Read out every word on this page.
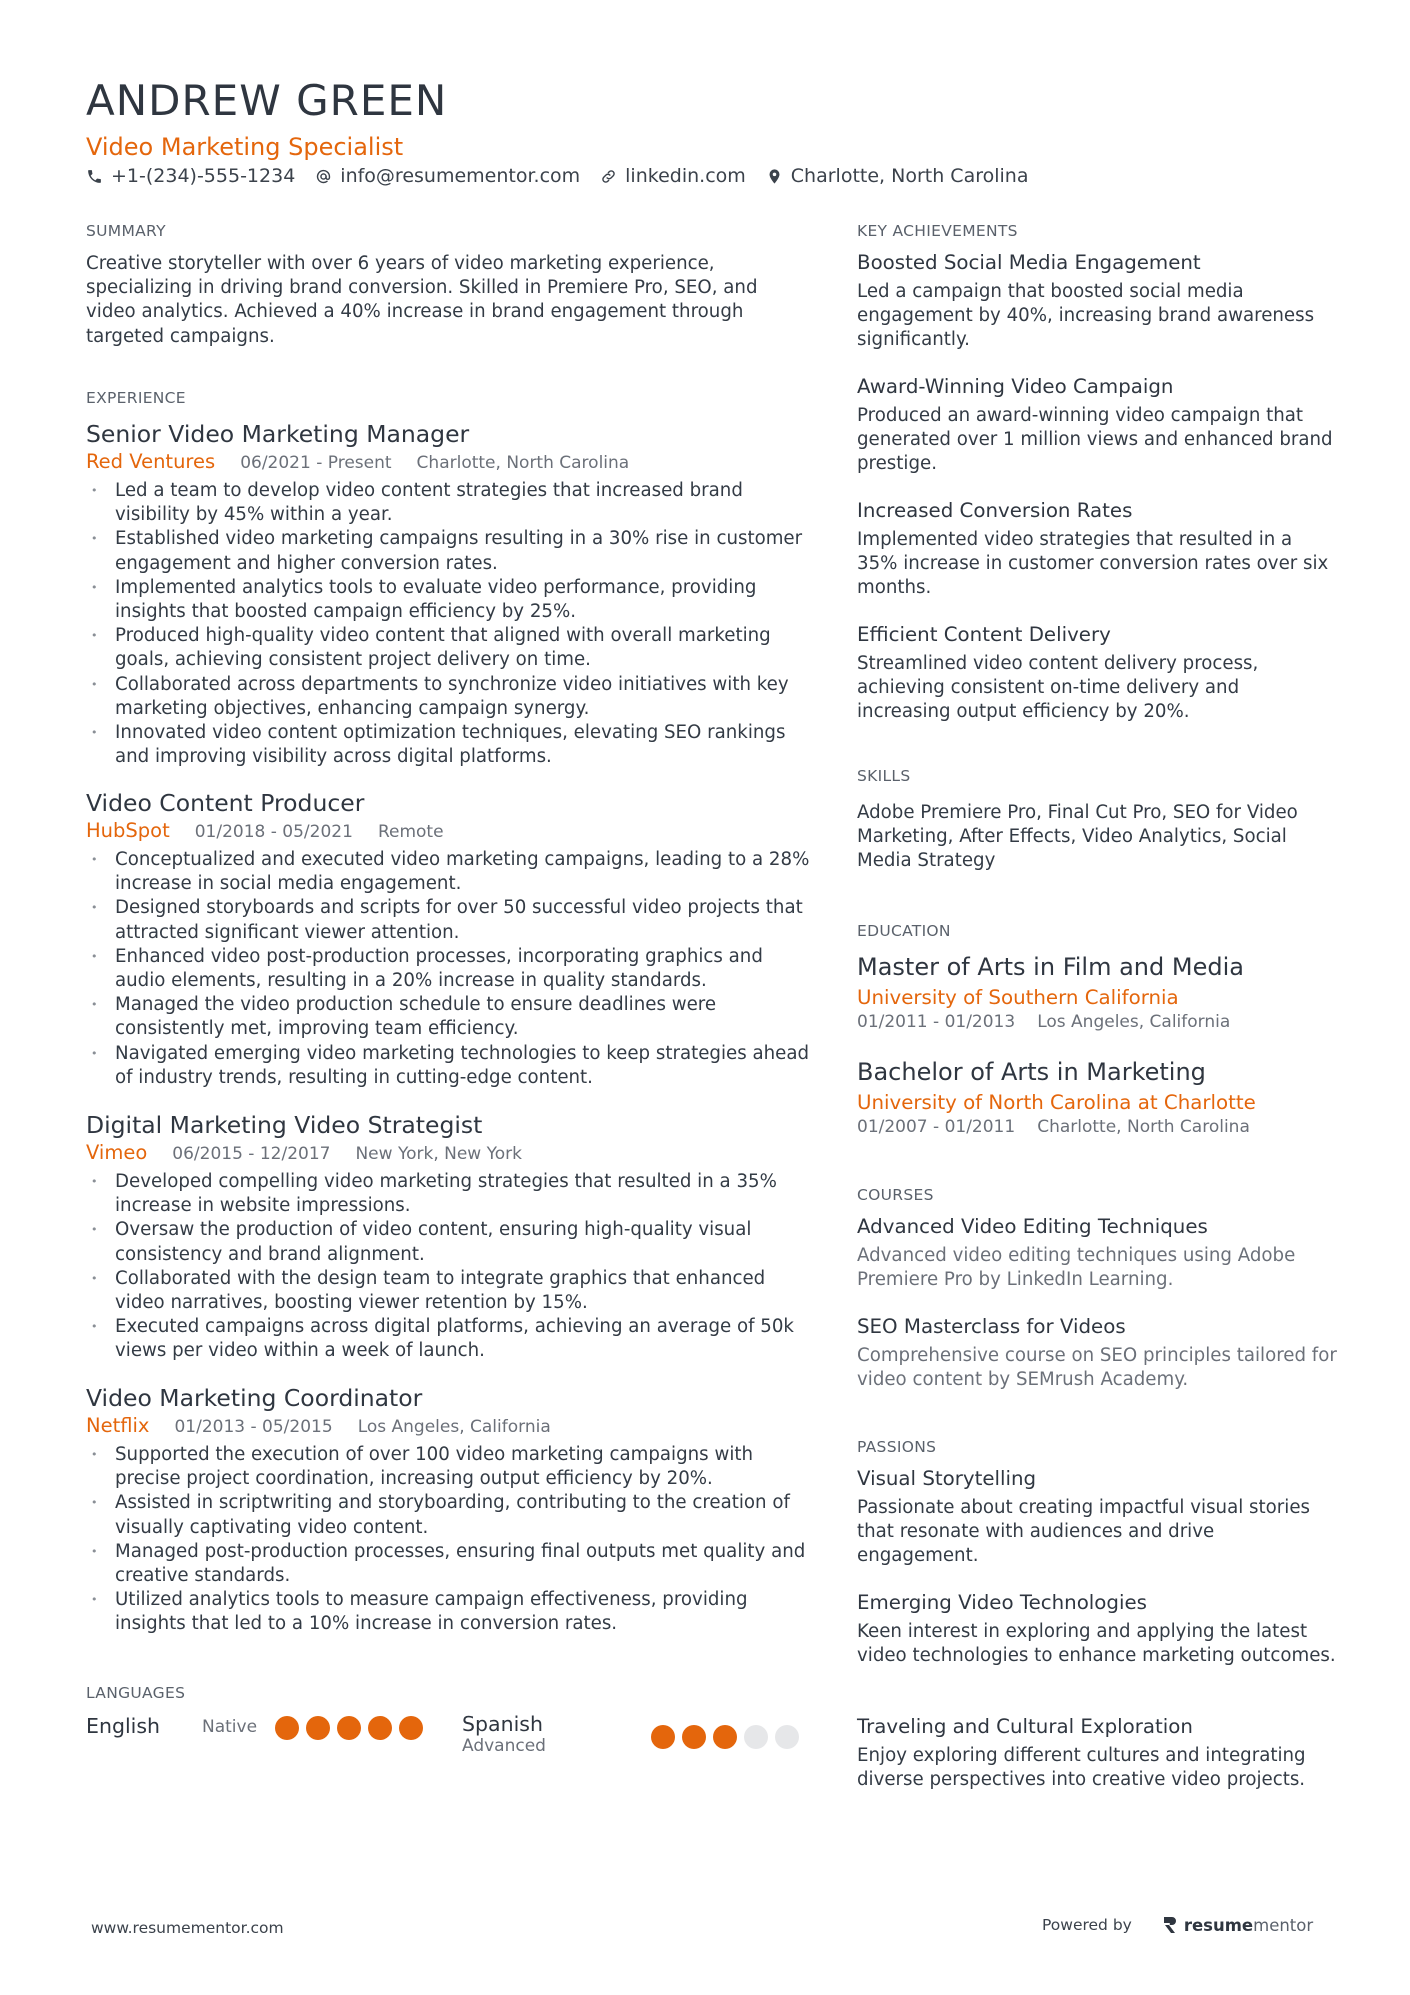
ANDREW GREEN
Video Marketing Specialist
+1-(234)-555-1234 info@resumementor.com linkedin.com Charlotte, North Carolina
SUMMARY
Creative storyteller with over 6 years of video marketing experience, specializing in driving brand conversion. Skilled in Premiere Pro, SEO, and video analytics. Achieved a 40% increase in brand engagement through targeted campaigns.
EXPERIENCE
Senior Video Marketing Manager
Red Ventures 06/2021 - Present Charlotte, North Carolina
• Led a team to develop video content strategies that increased brand visibility by 45% within a year.
• Established video marketing campaigns resulting in a 30% rise in customer engagement and higher conversion rates.
• Implemented analytics tools to evaluate video performance, providing insights that boosted campaign efficiency by 25%.
• Produced high-quality video content that aligned with overall marketing goals, achieving consistent project delivery on time.
• Collaborated across departments to synchronize video initiatives with key marketing objectives, enhancing campaign synergy.
• Innovated video content optimization techniques, elevating SEO rankings and improving visibility across digital platforms.
Video Content Producer
HubSpot 01/2018 - 05/2021 Remote
• Conceptualized and executed video marketing campaigns, leading to a 28% increase in social media engagement.
• Designed storyboards and scripts for over 50 successful video projects that attracted significant viewer attention.
• Enhanced video post-production processes, incorporating graphics and audio elements, resulting in a 20% increase in quality standards.
• Managed the video production schedule to ensure deadlines were consistently met, improving team efficiency.
• Navigated emerging video marketing technologies to keep strategies ahead of industry trends, resulting in cutting-edge content.
Digital Marketing Video Strategist
Vimeo 06/2015 - 12/2017 New York, New York
• Developed compelling video marketing strategies that resulted in a 35% increase in website impressions.
• Oversaw the production of video content, ensuring high-quality visual consistency and brand alignment.
• Collaborated with the design team to integrate graphics that enhanced video narratives, boosting viewer retention by 15%.
• Executed campaigns across digital platforms, achieving an average of 50k views per video within a week of launch.
Video Marketing Coordinator
Netflix 01/2013 - 05/2015 Los Angeles, California
• Supported the execution of over 100 video marketing campaigns with precise project coordination, increasing output efficiency by 20%.
• Assisted in scriptwriting and storyboarding, contributing to the creation of visually captivating video content.
• Managed post-production processes, ensuring final outputs met quality and creative standards.
• Utilized analytics tools to measure campaign effectiveness, providing insights that led to a 10% increase in conversion rates.
LANGUAGES
English Native	Spanish
Advanced
KEY ACHIEVEMENTS
Boosted Social Media Engagement
Led a campaign that boosted social media engagement by 40%, increasing brand awareness significantly.
Award-Winning Video Campaign
Produced an award-winning video campaign that generated over 1 million views and enhanced brand prestige.
Increased Conversion Rates
Implemented video strategies that resulted in a 35% increase in customer conversion rates over six months.
Efficient Content Delivery
Streamlined video content delivery process, achieving consistent on-time delivery and increasing output efficiency by 20%.
SKILLS
Adobe Premiere Pro, Final Cut Pro, SEO for Video Marketing, After Effects, Video Analytics, Social Media Strategy
EDUCATION
Master of Arts in Film and Media
University of Southern California
01/2011 - 01/2013 Los Angeles, California
Bachelor of Arts in Marketing
University of North Carolina at Charlotte
01/2007 - 01/2011 Charlotte, North Carolina
COURSES
Advanced Video Editing Techniques
Advanced video editing techniques using Adobe Premiere Pro by LinkedIn Learning.
SEO Masterclass for Videos
Comprehensive course on SEO principles tailored for video content by SEMrush Academy.
PASSIONS
Visual Storytelling
Passionate about creating impactful visual stories that resonate with audiences and drive engagement.
Emerging Video Technologies
Keen interest in exploring and applying the latest video technologies to enhance marketing outcomes.
Traveling and Cultural Exploration
Enjoy exploring different cultures and integrating diverse perspectives into creative video projects.
www.resumementor.com	Powered by	resume mentor
